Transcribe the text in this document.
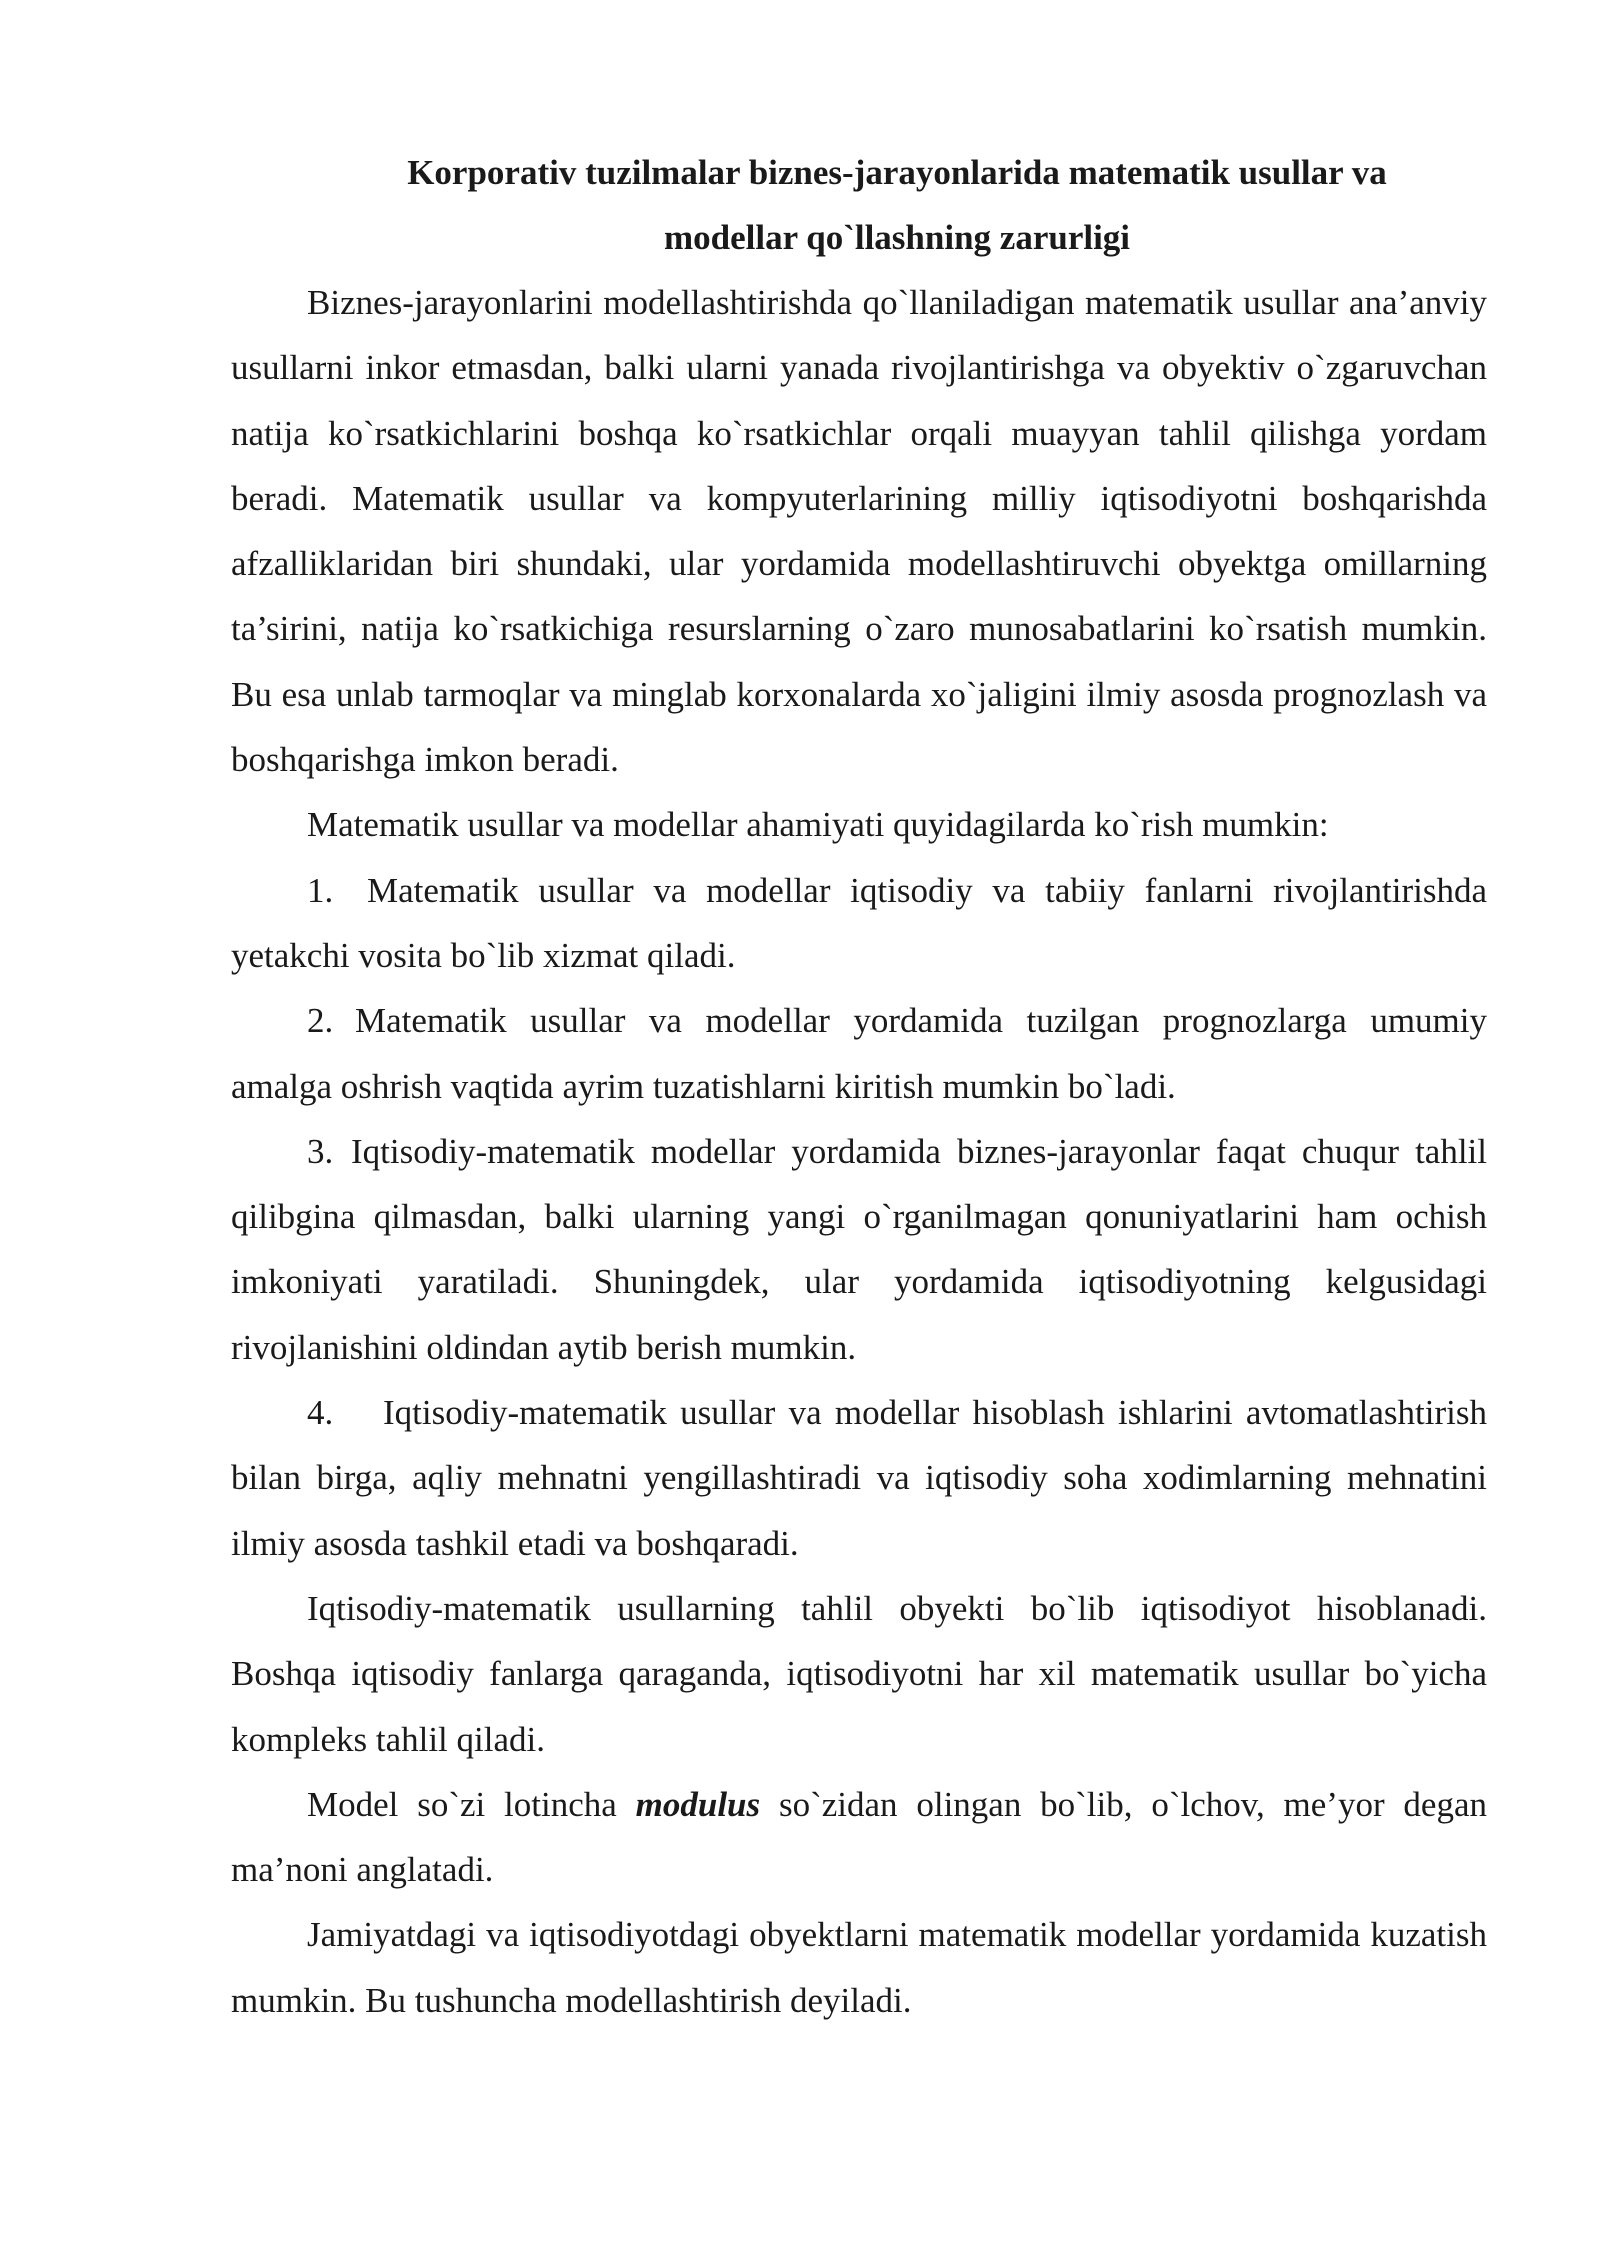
Korporativ tuzilmalar biznes-jarayonlarida matematik usullar va
modellar qo`llashning zarurligi

Biznes-jarayonlarini modellashtirishda qo`llaniladigan matematik usullar ana’anviy usullarni inkor etmasdan, balki ularni yanada rivojlantirishga va obyektiv o`zgaruvchan natija ko`rsatkichlarini boshqa ko`rsatkichlar orqali muayyan tahlil qilishga yordam beradi. Matematik usullar va kompyuterlarining milliy iqtisodiyotni boshqarishda afzalliklaridan biri shundaki, ular yordamida modellashtiruvchi obyektga omillarning ta’sirini, natija ko`rsatkichiga resurslarning o`zaro munosabatlarini ko`rsatish mumkin. Bu esa unlab tarmoqlar va minglab korxonalarda xo`jaligini ilmiy asosda prognozlash va boshqarishga imkon beradi.

Matematik usullar va modellar ahamiyati quyidagilarda ko`rish mumkin:

1. Matematik usullar va modellar iqtisodiy va tabiiy fanlarni rivojlantirishda yetakchi vosita bo`lib xizmat qiladi.

2. Matematik usullar va modellar yordamida tuzilgan prognozlarga umumiy amalga oshrish vaqtida ayrim tuzatishlarni kiritish mumkin bo`ladi.

3. Iqtisodiy-matematik modellar yordamida biznes-jarayonlar faqat chuqur tahlil qilibgina qilmasdan, balki ularning yangi o`rganilmagan qonuniyatlarini ham ochish imkoniyati yaratiladi. Shuningdek, ular yordamida iqtisodiyotning kelgusidagi rivojlanishini oldindan aytib berish mumkin.

4. Iqtisodiy-matematik usullar va modellar hisoblash ishlarini avtomatlashtirish bilan birga, aqliy mehnatni yengillashtiradi va iqtisodiy soha xodimlarning mehnatini ilmiy asosda tashkil etadi va boshqaradi.

Iqtisodiy-matematik usullarning tahlil obyekti bo`lib iqtisodiyot hisoblanadi. Boshqa iqtisodiy fanlarga qaraganda, iqtisodiyotni har xil matematik usullar bo`yicha kompleks tahlil qiladi.

Model so`zi lotincha modulus so`zidan olingan bo`lib, o`lchov, me’yor degan ma’noni anglatadi.

Jamiyatdagi va iqtisodiyotdagi obyektlarni matematik modellar yordamida kuzatish mumkin. Bu tushuncha modellashtirish deyiladi.
